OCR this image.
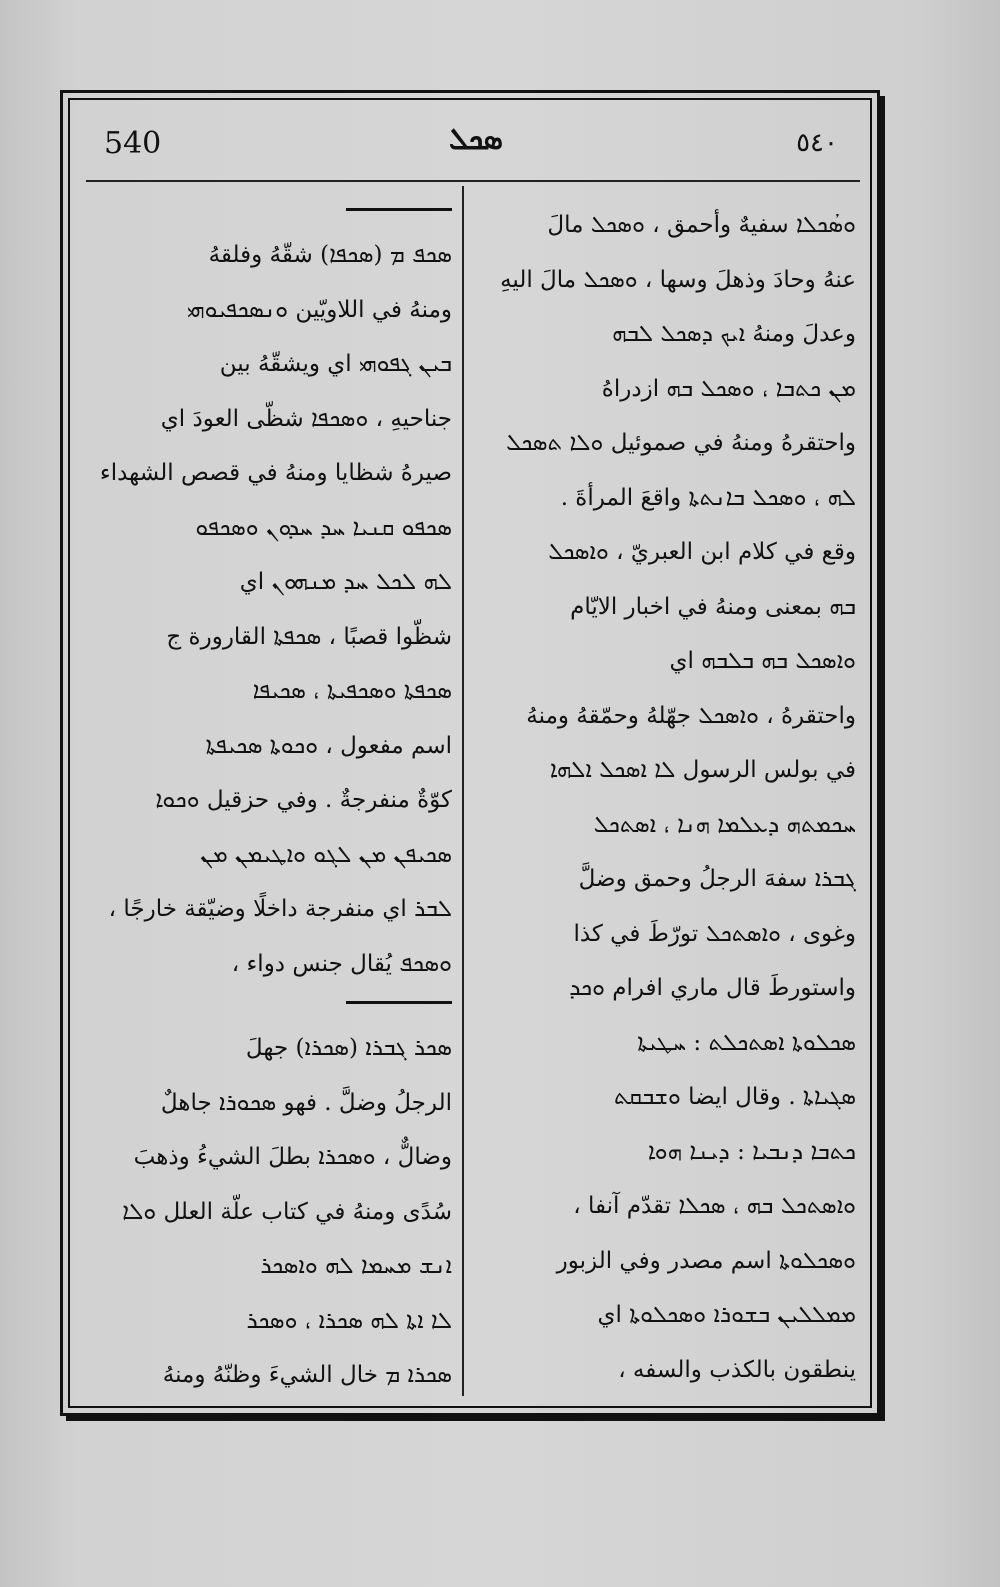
540	ܣܟܠ	٥٤٠
ܘܣܳܟܠܐ سفيهٌ وأحمق ، ܘܣܟܠ مالَ
عنهُ وحادَ وذهلَ وسها ، ܘܣܟܠ مالَ اليهِ
وعدلَ ومنهُ ܐܝܟ ܕܣܟܠ ܠܒܗ
ܡܢ ܟܬܒܐ ، ܘܣܟܠ ܒܗ ازدراهُ
واحتقرهُ ومنهُ في صموئيل ܘܠܐ ܬܣܟܠ
ܠܗ ، ܘܣܟܠ ܒܐܢܬܬܐ واقعَ المرأةَ .
وقع في كلام ابن العبريّ ، ܘܐܣܟܠ
ܒܗ بمعنى ومنهُ في اخبار الايّام
ܘܐܣܟܠ ܒܗ ܒܠܒܗ اي
واحتقرهُ ، ܘܐܣܟܠ جهّلهُ وحمّقهُ ومنهُ
في بولس الرسول ܠܐ ܐܣܟܠ ܐܠܗܐ
ܚܟܡܬܗ ܕܥܠܡܐ ܗܢܐ ، ܐܣܬܟܠ
ܓܒܪܐ سفهَ الرجلُ وحمق وضلَّ
وغوى ، ܘܐܣܬܟܠ تورّطَ في كذا
واستورطَ قال ماري افرام ܘܟܕ
ܣܟܠܘܬܐ ܐܣܬܟܠܬ : ܚܛܝܬܐ
ܣܓܝܐܬܐ . وقال ايضا ܘܫܒܩܬ
ܟܬܒܐ ܕܢܒܝܐ : ܕܝܢܐ ܗܘܐ
ܘܐܣܬܟܠ ܒܗ ، ܣܟܠܐ تقدّم آنفا ،
ܘܣܟܠܘܬܐ اسم مصدر وفي الزبور
ܡܡܠܠܝܢ ܒܫܘܪܐ ܘܣܟܠܘܬܐ اي
ينطقون بالكذب والسفه ،
ܣܟܦ ܡ (ܣܟܦܐ) شقّهُ وفلقهُ
ومنهُ في اللاويّين ܘܢܣܟܦܝܘܗܝ
ܒܝܢ ܓܦܘܗܝ اي ويشقّهُ بين
جناحيهِ ، ܘܣܟܦܐ شظّى العودَ اي
صيرهُ شظايا ومنهُ في قصص الشهداء
ܣܟܦܘ ܩܢܝܐ ܚܕ ܚܕܘܢ ܘܣܟܦܘ
ܠܗ ܠܟܠ ܚܕ ܡܢܗܘܢ اي
شظّوا قصبًا ، ܣܟܦܬܐ القارورة ج
ܣܟܦܬܐ ܘܣܟܦܝܬܐ ، ܣܟܝܦܐ
اسم مفعول ، ܘܟܘܬܐ ܣܟܝܦܬܐ
كوّةٌ منفرجةٌ . وفي حزقيل ܘܟܘܐ
ܣܟܝܦܢ ܡܢ ܠܓܘ ܘܐܛܝܡܢ ܡܢ
ܠܒܪ اي منفرجة داخلًا وضيّقة خارجًا ،
ܘܣܟܦ يُقال جنس دواء ،
ܣܟܪ ܓܒܪܐ (ܣܟܪܐ) جهلَ
الرجلُ وضلَّ . فهو ܣܟܘܪܐ جاهلٌ
وضالٌّ ، ܘܣܟܪܐ بطلَ الشيءُ وذهبَ
سُدًى ومنهُ في كتاب علّة العلل ܘܠܐ
ܐܢܫ ܡܚܡܐ ܠܗ ܘܐܣܟܪ
ܠܐ ܐܬܐ ܠܗ ܣܟܪܐ ، ܘܣܟܪ
ܣܟܪܐ ܡ خال الشيءَ وظنّهُ ومنهُ
